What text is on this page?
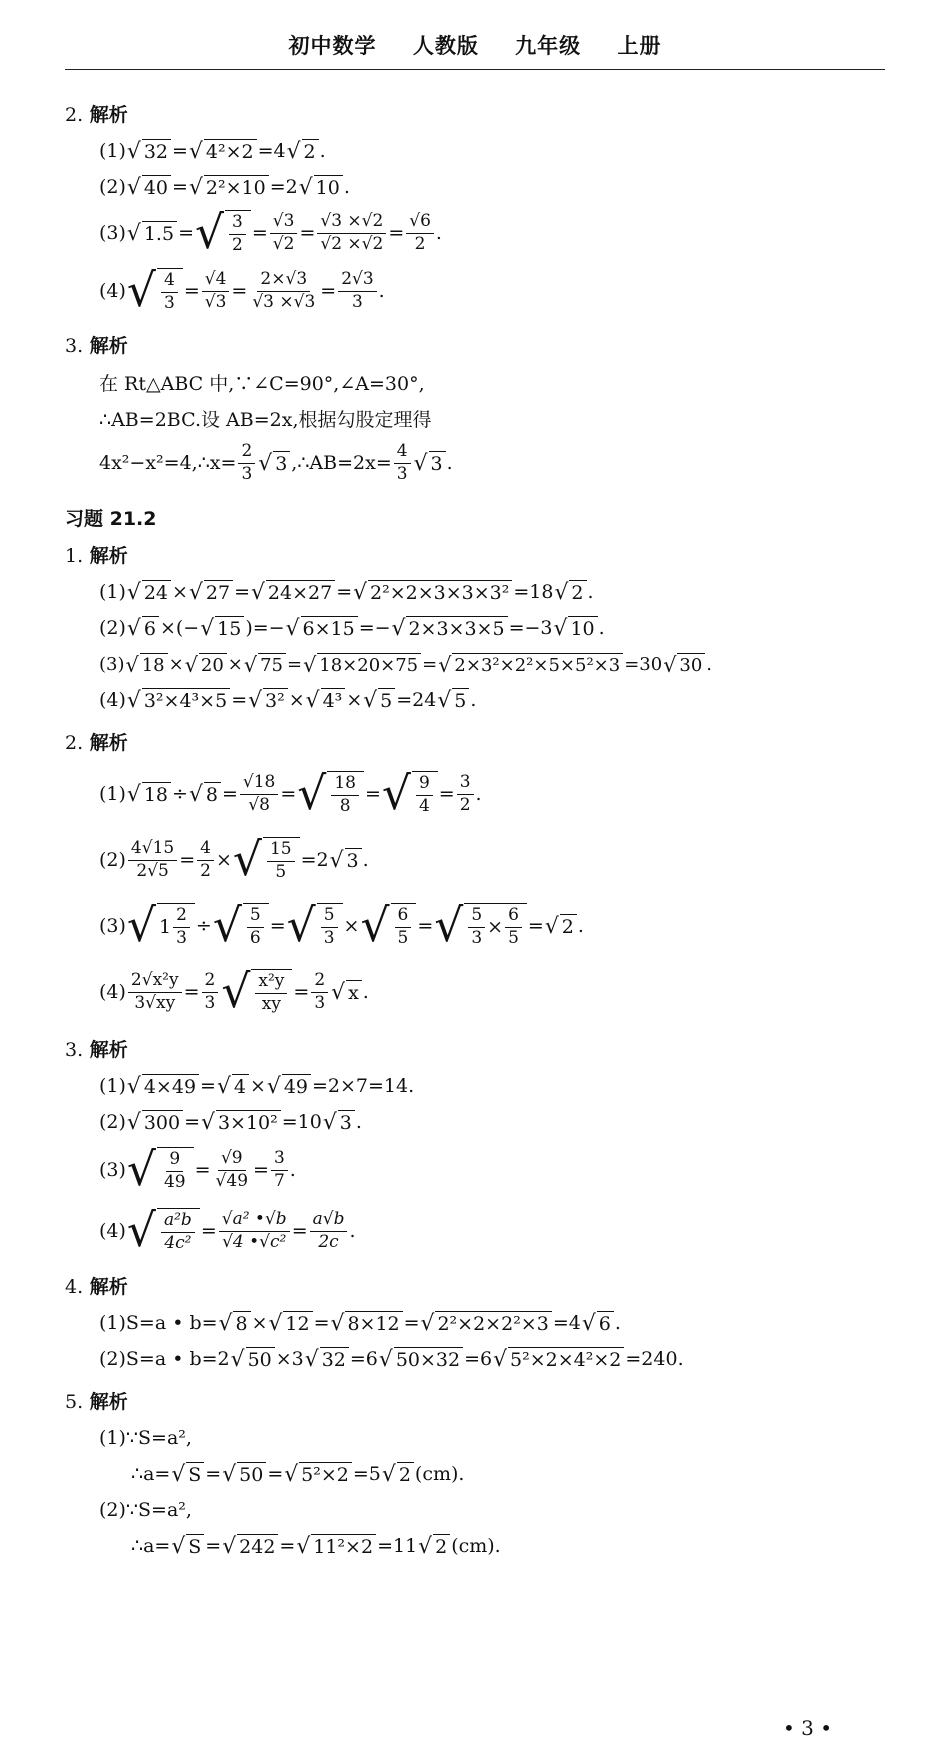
初中数学 人教版 九年级 上册
2. 解析
(1) √ 32 = √ 4²×2 =4 √ 2 .
(2) √ 40 = √ 2²×10 =2 √ 10 .
(3) √ 1.5 = √ $\frac{3}{2} = \frac{√3}{√2} = \frac{√3 \times√2}{√2 \times√2} = \frac{√6}{2}$ .
(4) √ $\frac{4}{3} = \frac{√4}{√3} = \frac{2\times√3}{√3 \times√3} = \frac{2√3}{3}$ .
3. 解析
在 Rt△ABC 中,∵∠C=90°,∠A=30°,
∴AB=2BC.设 AB=2x,根据勾股定理得
4x²−x²=4,∴x= $\frac{2}{3}$ √ 3 ,∴AB=2x= $\frac{4}{3}$ √ 3 .
习题 21.2
1. 解析
(1) √ 24 × √ 27 = √ 24×27 = √ 2²×2×3×3×3² =18 √ 2 .
(2) √ 6 ×(− √ 15 )=− √ 6×15 =− √ 2×3×3×5 =−3 √ 10 .
(3) √ 18 × √ 20 × √ 75 = √ 18×20×75 = √ 2×3²×2²×5×5²×3 =30 √ 30 .
(4) √ 3²×4³×5 = √ 3² × √ 4³ × √ 5 =24 √ 5 .
2. 解析
(1) √ 18 ÷ √ $8 = \frac{√18}{√8}$ = √ $\frac{18}{8}$ = √ $\frac{9}{4} = \frac{3}{2}$ .
$(2) \frac{4√15}{2√5} = \frac{4}{2}$ × √ $\frac{15}{5} =2$ √ 3 .
(3) √ $1 \frac{2}{3}$ ÷ √ $\frac{5}{6}$ = √ $\frac{5}{3}$ × √ $\frac{6}{5}$ = √ $\frac{5}{3} \times \frac{6}{5}$ = √ 2 .
$(4) \frac{\text{2√x²y}}{3√xy} = \frac{2}{3}$ √ $\frac{\text{x²y}}{xy} = \frac{2}{3}$ √ x .
3. 解析
(1) √ 4×49 = √ 4 × √ 49 =2×7=14.
(2) √ 300 = √ 3×10² =10 √ 3 .
(3) √ $\frac{9}{49} = \frac{√9}{√49} = \frac{3}{7}$ .
(4) √ $\frac{\text{a²b}}{\text{4c²}} = \frac{\text{√a² •√b}}{\text{√4 •√c²}} = \frac{a√b}{2c}$ .
4. 解析
(1)S=a • b= √ 8 × √ 12 = √ 8×12 = √ 2²×2×2²×3 =4 √ 6 .
(2)S=a • b=2 √ 50 ×3 √ 32 =6 √ 50×32 =6 √ 5²×2×4²×2 =240.
5. 解析
(1)∵S=a²,
∴a= √ S = √ 50 = √ 5²×2 =5 √ 2 (cm).
(2)∵S=a²,
∴a= √ S = √ 242 = √ 11²×2 =11 √ 2 (cm).
• 3 •
